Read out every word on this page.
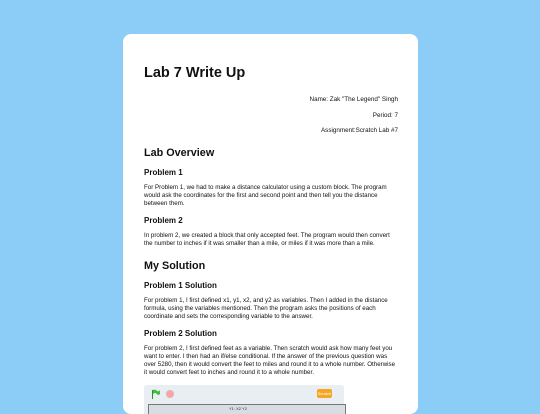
Lab 7 Write Up
Name: Zak "The Legend" Singh
Period: 7
Assignment:Scratch Lab #7
Lab Overview
Problem 1

For Problem 1, we had to make a distance calculator using a custom block. The program would ask the coordinates for the first and second point and then tell you the distance between them.

Problem 2

In problem 2, we created a block that only accepted feet. The program would then convert the number to inches if it was smaller than a mile, or miles if it was more than a mile.

My Solution
Problem 1 Solution

For problem 1, I first defined x1, y1, x2, and y2 as variables. Then I added in the distance formula, using the variables mentioned. Then the program asks the positions of each coordinate and sets the corresponding variable to the answer.

Problem 2 Solution

For problem 2, I first defined feet as a variable. Then scratch would ask how many feet you want to enter. I then had an if/else conditional. If the answer of the previous question was over 5280, then it would convert the feet to miles and round it to a whole number. Otherwise it would convert feet to inches and round it to a whole number.

Scratch
Y1: X2 Y2
